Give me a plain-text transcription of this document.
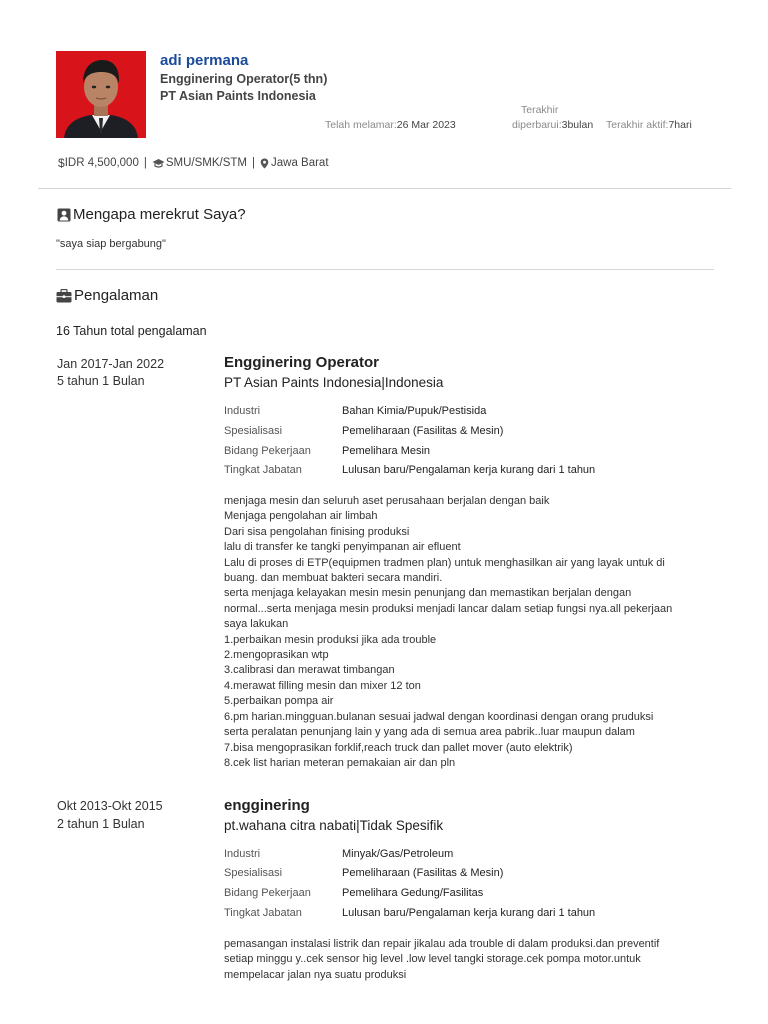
adi permana
Engginering Operator(5 thn)
PT Asian Paints Indonesia
Telah melamar:26 Mar 2023
Terakhir
diperbarui:3bulan Terakhir aktif:7hari
$ IDR 4,500,000 | SMU/SMK/STM | Jawa Barat
Mengapa merekrut Saya?
"saya siap bergabung"
Pengalaman
16 Tahun total pengalaman
Jan 2017-Jan 2022
5 tahun 1 Bulan
Engginering Operator
PT Asian Paints Indonesia|Indonesia
Industri	Bahan Kimia/Pupuk/Pestisida
Spesialisasi	Pemeliharaan (Fasilitas & Mesin)
Bidang Pekerjaan	Pemelihara Mesin
Tingkat Jabatan	Lulusan baru/Pengalaman kerja kurang dari 1 tahun
menjaga mesin dan seluruh aset perusahaan berjalan dengan baik
Menjaga pengolahan air limbah
Dari sisa pengolahan finising produksi
lalu di transfer ke tangki penyimpanan air efluent
Lalu di proses di ETP(equipmen tradmen plan) untuk menghasilkan air yang layak untuk di
buang. dan membuat bakteri secara mandiri.
serta menjaga kelayakan mesin mesin penunjang dan memastikan berjalan dengan
normal...serta menjaga mesin produksi menjadi lancar dalam setiap fungsi nya.all pekerjaan
saya lakukan
1.perbaikan mesin produksi jika ada trouble
2.mengoprasikan wtp
3.calibrasi dan merawat timbangan
4.merawat filling mesin dan mixer 12 ton
5.perbaikan pompa air
6.pm harian.mingguan.bulanan sesuai jadwal dengan koordinasi dengan orang pruduksi
serta peralatan penunjang lain y yang ada di semua area pabrik..luar maupun dalam
7.bisa mengoprasikan forklif,reach truck dan pallet mover (auto elektrik)
8.cek list harian meteran pemakaian air dan pln
Okt 2013-Okt 2015
2 tahun 1 Bulan
engginering
pt.wahana citra nabati|Tidak Spesifik
Industri	Minyak/Gas/Petroleum
Spesialisasi	Pemeliharaan (Fasilitas & Mesin)
Bidang Pekerjaan	Pemelihara Gedung/Fasilitas
Tingkat Jabatan	Lulusan baru/Pengalaman kerja kurang dari 1 tahun
pemasangan instalasi listrik dan repair jikalau ada trouble di dalam produksi.dan preventif
setiap minggu y..cek sensor hig level .low level tangki storage.cek pompa motor.untuk
mempelacar jalan nya suatu produksi
